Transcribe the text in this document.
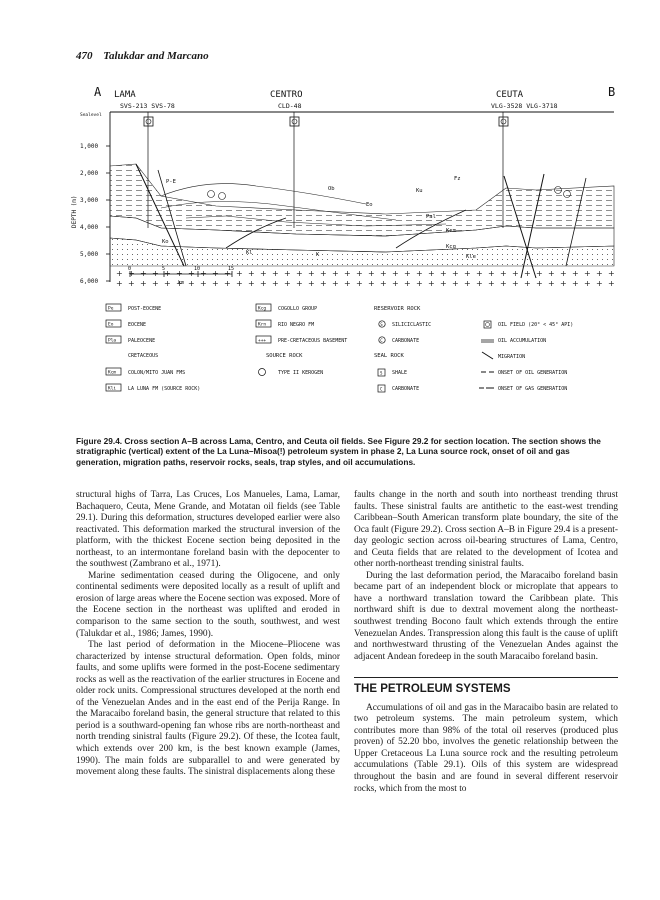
470 Talukdar and Marcano
A	B
LAMA	CENTRO	CEUTA
SVS-213 SVS-78	CLD-48	VLG-3528 VLG-3718
Sealevel
DEPTH (m)
1,000
2,000
3,000
4,000
5,000
6,000
P-E
Eo
Pal
Ko
Kl
Kcm
Kcg
Fz
K
Ob	Ku
Kle
0	5	10	15
km
Pe	POST-EOCENE
Eo	EOCENE
Pla PALEOCENE
CRETACEOUS
Kcm COLON/MITO JUAN FMS
Kli LA LUNA FM (SOURCE ROCK)
Kcg COGOLLO GROUP
Krn RIO NEGRO FM
+++ PRE-CRETACEOUS BASEMENT
SOURCE ROCK
TYPE II KEROGEN
RESERVOIR ROCK
S SILICICLASTIC
C CARBONATE
SEAL ROCK
S SHALE
C CARBONATE
OIL FIELD (20° < 45° API)
OIL ACCUMULATION
MIGRATION
ONSET OF OIL GENERATION
ONSET OF GAS GENERATION
Figure 29.4. Cross section A–B across Lama, Centro, and Ceuta oil fields. See Figure 29.2 for section location. The section shows the stratigraphic (vertical) extent of the La Luna–Misoa(!) petroleum system in phase 2, La Luna source rock, onset of oil and gas generation, migration paths, reservoir rocks, seals, trap styles, and oil accumulations.

structural highs of Tarra, Las Cruces, Los Manueles, Lama, Lamar, Bachaquero, Ceuta, Mene Grande, and Motatan oil fields (see Table 29.1). During this deformation, structures developed earlier were also reactivated. This deformation marked the structural inversion of the platform, with the thickest Eocene section being deposited in the northeast, to an intermontane foreland basin with the depocenter to the southwest (Zambrano et al., 1971).

Marine sedimentation ceased during the Oligocene, and only continental sediments were deposited locally as a result of uplift and erosion of large areas where the Eocene section was exposed. More of the Eocene section in the northeast was uplifted and eroded in comparison to the same section to the south, southwest, and west (Talukdar et al., 1986; James, 1990).

The last period of deformation in the Miocene–Pliocene was characterized by intense structural deformation. Open folds, minor faults, and some uplifts were formed in the post-Eocene sedimentary rocks as well as the reactivation of the earlier structures in Eocene and older rock units. Compressional structures developed at the north end of the Venezuelan Andes and in the east end of the Perija Range. In the Maracaibo foreland basin, the general structure that related to this period is a southward-opening fan whose ribs are north-northeast and north trending sinistral faults (Figure 29.2). Of these, the Icotea fault, which extends over 200 km, is the best known example (James, 1990). The main folds are subparallel to and were generated by movement along these faults. The sinistral displacements along these

faults change in the north and south into northeast trending thrust faults. These sinistral faults are antithetic to the east-west trending Caribbean–South American transform plate boundary, the site of the Oca fault (Figure 29.2). Cross section A–B in Figure 29.4 is a present-day geologic section across oil-bearing structures of Lama, Centro, and Ceuta fields that are related to the development of Icotea and other north-northeast trending sinistral faults.

During the last deformation period, the Maracaibo foreland basin became part of an independent block or microplate that appears to have a northward translation toward the Caribbean plate. This northward shift is due to dextral movement along the northeast-southwest trending Bocono fault which extends through the entire Venezuelan Andes. Transpression along this fault is the cause of uplift and northwestward thrusting of the Venezuelan Andes against the adjacent Andean foredeep in the south Maracaibo foreland basin.

THE PETROLEUM SYSTEMS

Accumulations of oil and gas in the Maracaibo basin are related to two petroleum systems. The main petroleum system, which contributes more than 98% of the total oil reserves (produced plus proven) of 52.20 bbo, involves the genetic relationship between the Upper Cretaceous La Luna source rock and the resulting petroleum accumulations (Table 29.1). Oils of this system are widespread throughout the basin and are found in several different reservoir rocks, which from the most to
